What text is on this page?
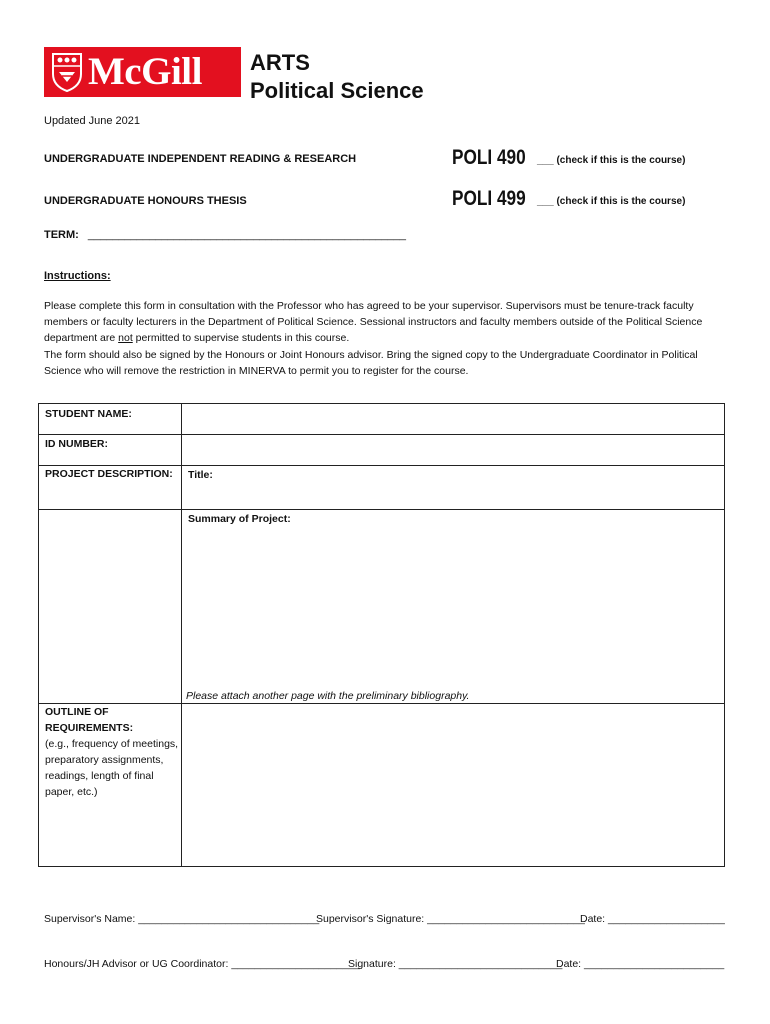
McGill ARTS
Political Science
Updated June 2021
UNDERGRADUATE INDEPENDENT READING & RESEARCH	POLI 490 ___ (check if this is the course)
UNDERGRADUATE HONOURS THESIS	POLI 499 ___ (check if this is the course)
TERM: ____________________________________________________
Instructions:

Please complete this form in consultation with the Professor who has agreed to be your supervisor. Supervisors must be tenure-track faculty members or faculty lecturers in the Department of Political Science. Sessional instructors and faculty members outside of the Political Science department are not permitted to supervise students in this course.

The form should also be signed by the Honours or Joint Honours advisor. Bring the signed copy to the Undergraduate Coordinator in Political Science who will remove the restriction in MINERVA to permit you to register for the course.

STUDENT NAME:
ID NUMBER:
PROJECT DESCRIPTION: Title:
Summary of Project:
Please attach another page with the preliminary bibliography.
OUTLINE OF REQUIREMENTS:
(e.g., frequency of meetings, preparatory assignments, readings, length of final paper, etc.)
Supervisor's Name: _______________________________
Supervisor's Signature: ___________________________
Date: ____________________
Honours/JH Advisor or UG Coordinator: ______________________
Signature: ____________________________
Date: ________________________
